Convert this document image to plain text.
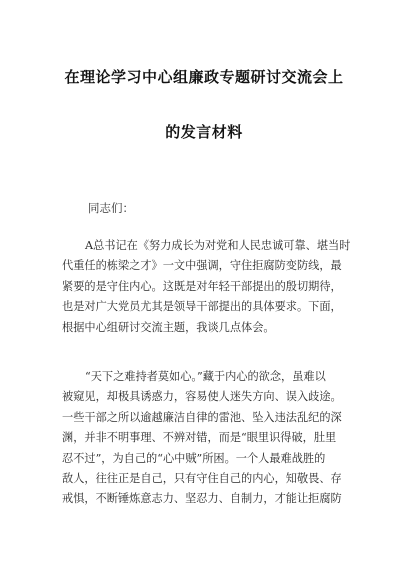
在理论学习中心组廉政专题研讨交流会上
的发言材料

同志们：

A总书记在《努力成长为对党和人民忠诚可靠、堪当时
代重任的栋梁之才》一文中强调，守住拒腐防变防线，最
紧要的是守住内心。这既是对年轻干部提出的殷切期待，
也是对广大党员尤其是领导干部提出的具体要求。下面，
根据中心组研讨交流主题，我谈几点体会。
“天下之难持者莫如心。”藏于内心的欲念，虽难以
被窥见，却极具诱惑力，容易使人迷失方向、误入歧途。
一些干部之所以逾越廉洁自律的雷池、坠入违法乱纪的深
渊，并非不明事理、不辨对错，而是“眼里识得破，肚里
忍不过”，为自己的“心中贼”所困。一个人最难战胜的
敌人，往往正是自己，只有守住自己的内心，知敬畏、存
戒惧，不断锤炼意志力、坚忍力、自制力，才能让拒腐防
